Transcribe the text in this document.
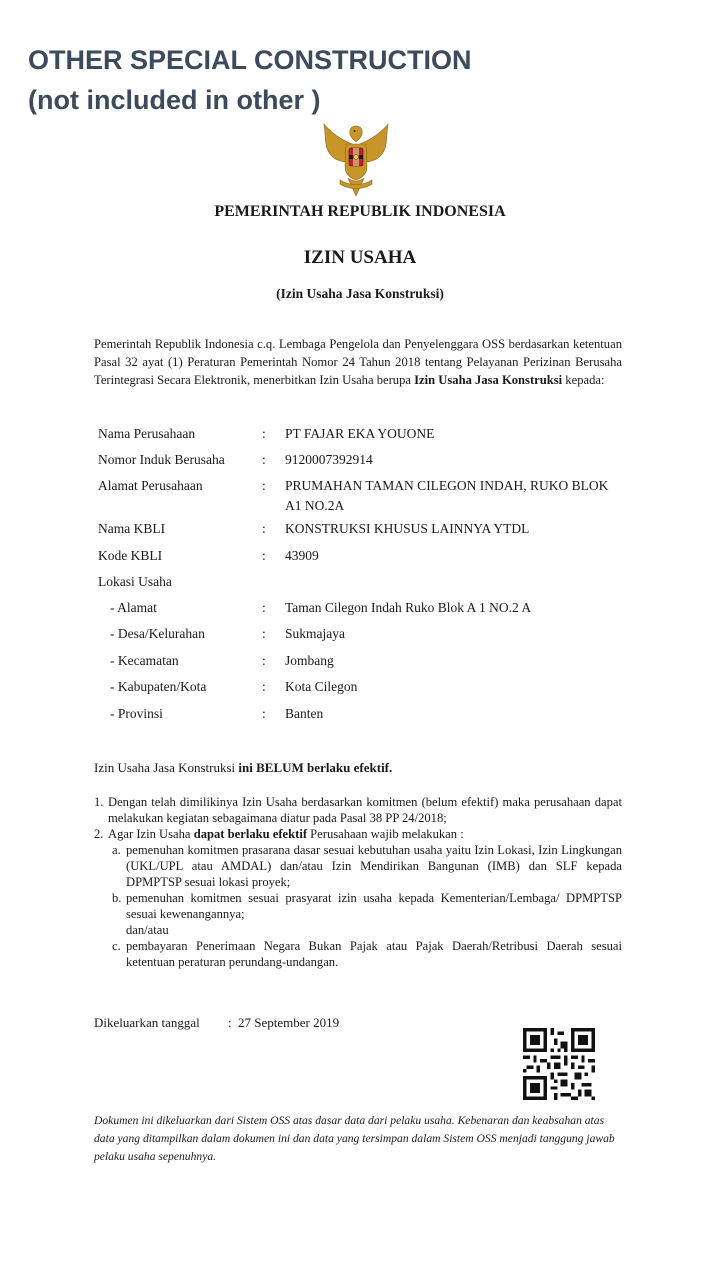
OTHER SPECIAL CONSTRUCTION
(not included in other )
PEMERINTAH REPUBLIK INDONESIA
IZIN USAHA
(Izin Usaha Jasa Konstruksi)
Pemerintah Republik Indonesia c.q. Lembaga Pengelola dan Penyelenggara OSS berdasarkan ketentuan Pasal 32 ayat (1) Peraturan Pemerintah Nomor 24 Tahun 2018 tentang Pelayanan Perizinan Berusaha Terintegrasi Secara Elektronik, menerbitkan Izin Usaha berupa Izin Usaha Jasa Konstruksi kepada:
Nama Perusahaan	: PT FAJAR EKA YOUONE
Nomor Induk Berusaha	: 9120007392914
Alamat Perusahaan	: PRUMAHAN TAMAN CILEGON INDAH, RUKO BLOK A1 NO.2A
Nama KBLI	: KONSTRUKSI KHUSUS LAINNYA YTDL
Kode KBLI	: 43909
Lokasi Usaha
- Alamat	: Taman Cilegon Indah Ruko Blok A 1 NO.2 A
- Desa/Kelurahan	: Sukmajaya
- Kecamatan	: Jombang
- Kabupaten/Kota	: Kota Cilegon
- Provinsi	: Banten
Izin Usaha Jasa Konstruksi ini BELUM berlaku efektif.
1. Dengan telah dimilikinya Izin Usaha berdasarkan komitmen (belum efektif) maka perusahaan dapat melakukan kegiatan sebagaimana diatur pada Pasal 38 PP 24/2018;
2. Agar Izin Usaha dapat berlaku efektif Perusahaan wajib melakukan :
a. pemenuhan komitmen prasarana dasar sesuai kebutuhan usaha yaitu Izin Lokasi, Izin Lingkungan (UKL/UPL atau AMDAL) dan/atau Izin Mendirikan Bangunan (IMB) dan SLF kepada DPMPTSP sesuai lokasi proyek;
b. pemenuhan komitmen sesuai prasyarat izin usaha kepada Kementerian/Lembaga/ DPMPTSP sesuai kewenangannya;
dan/atau
c. pembayaran Penerimaan Negara Bukan Pajak atau Pajak Daerah/Retribusi Daerah sesuai ketentuan peraturan perundang-undangan.
Dikeluarkan tanggal : 27 September 2019
Dokumen ini dikeluarkan dari Sistem OSS atas dasar data dari pelaku usaha. Kebenaran dan keabsahan atas data yang ditampilkan dalam dokumen ini dan data yang tersimpan dalam Sistem OSS menjadi tanggung jawab pelaku usaha sepenuhnya.
